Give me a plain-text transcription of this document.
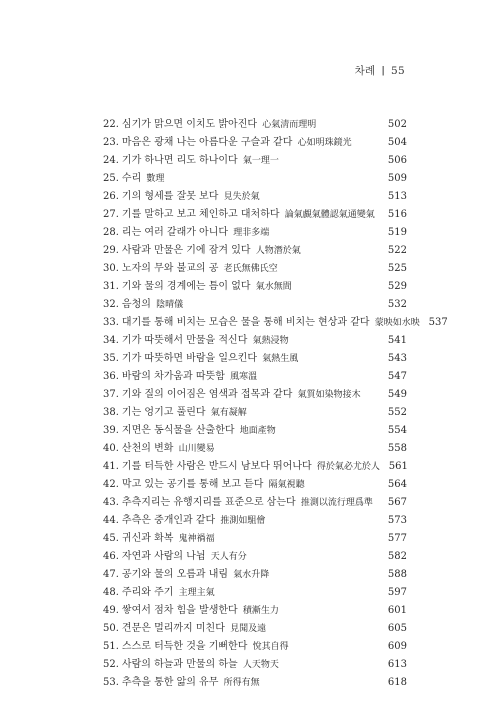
차례 | 55
22. 심기가 맑으면 이치도 밝아진다 心氣淸而理明	502
23. 마음은 광채 나는 아름다운 구슬과 같다 心如明珠鏡光	504
24. 기가 하나면 리도 하나이다 氣一理一	506
25. 수리 數理	509
26. 기의 형세를 잘못 보다 見失於氣	513
27. 기를 말하고 보고 체인하고 대처하다 論氣覰氣體認氣通變氣	516
28. 리는 여러 갈래가 아니다 理非多端	519
29. 사람과 만물은 기에 잠겨 있다 人物潛於氣	522
30. 노자의 무와 불교의 공 老氏無佛氏空	525
31. 기와 물의 경계에는 틈이 없다 氣水無間	529
32. 음청의 陰晴儀	532
33. 대기를 통해 비치는 모습은 물을 통해 비치는 현상과 같다 蒙映如水映 537
34. 기가 따뜻해서 만물을 적신다 氣熱浸物	541
35. 기가 따뜻하면 바람을 일으킨다 氣熱生風	543
36. 바람의 차가움과 따뜻함 風寒溫	547
37. 기와 질의 이어짐은 염색과 접목과 같다 氣質如染物接木	549
38. 기는 엉기고 풀린다 氣有凝解	552
39. 지면은 동식물을 산출한다 地面產物	554
40. 산천의 변화 山川變易	558
41. 기를 터득한 사람은 반드시 남보다 뛰어나다 得於氣必尤於人 561
42. 막고 있는 공기를 통해 보고 듣다 隔氣視聽	564
43. 추측지리는 유행지리를 표준으로 삼는다 推測以流行理爲準	567
44. 추측은 중개인과 같다 推測如駔儈	573
45. 귀신과 화복 鬼神禍福	577
46. 자연과 사람의 나뉨 天人有分	582
47. 공기와 물의 오름과 내림 氣水升降	588
48. 주리와 주기 主理主氣	597
49. 쌓여서 점차 힘을 발생한다 積漸生力	601
50. 견문은 멀리까지 미친다 見聞及遠	605
51. 스스로 터득한 것을 기뻐한다 悅其自得	609
52. 사람의 하늘과 만물의 하늘 人天物天	613
53. 추측을 통한 앎의 유무 所得有無	618
